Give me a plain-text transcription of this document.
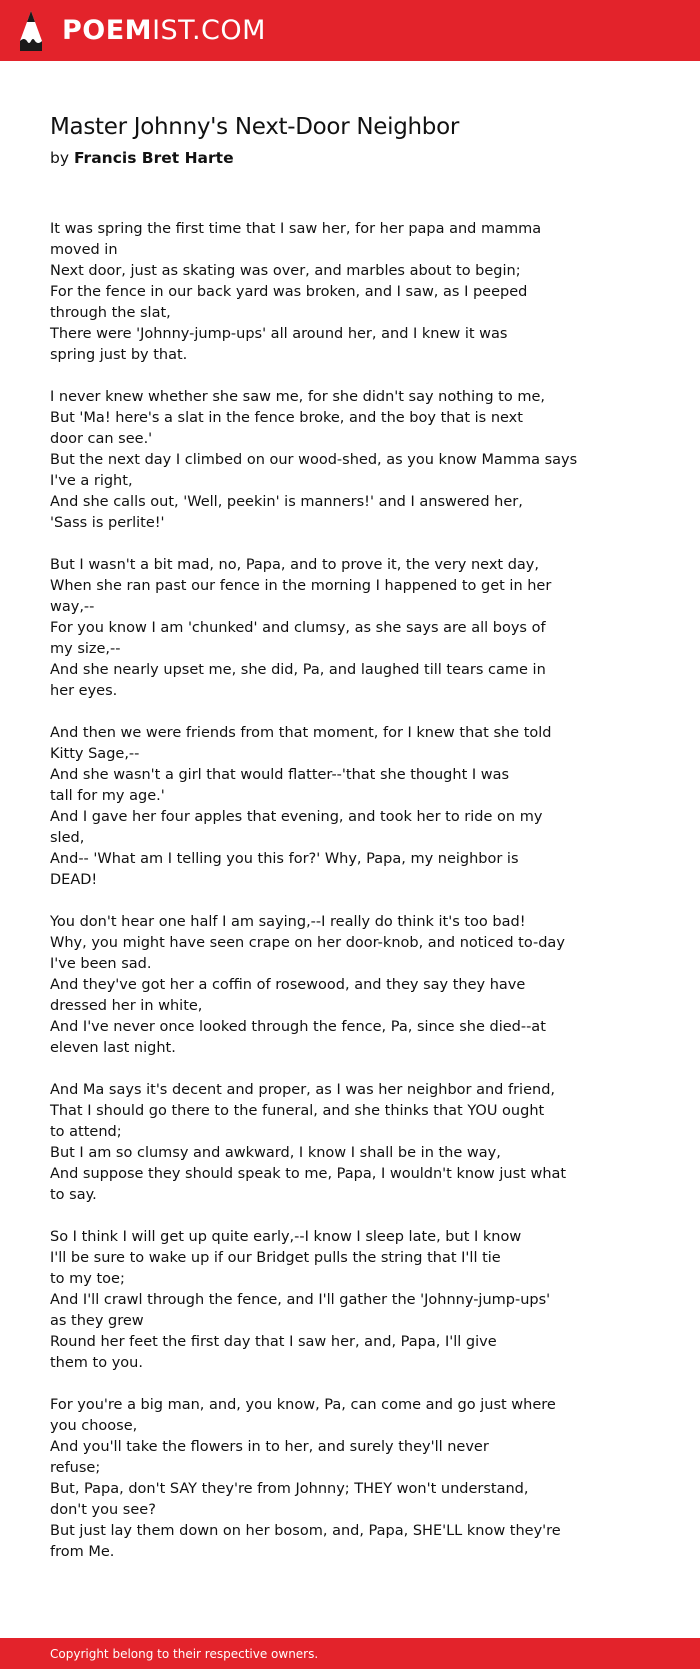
POEMIST.COM
Master Johnny's Next-Door Neighbor
by Francis Bret Harte
It was spring the first time that I saw her, for her papa and mamma
moved in
Next door, just as skating was over, and marbles about to begin;
For the fence in our back yard was broken, and I saw, as I peeped
through the slat,
There were 'Johnny-jump-ups' all around her, and I knew it was
spring just by that.
I never knew whether she saw me, for she didn't say nothing to me,
But 'Ma! here's a slat in the fence broke, and the boy that is next
door can see.'
But the next day I climbed on our wood-shed, as you know Mamma says
I've a right,
And she calls out, 'Well, peekin' is manners!' and I answered her,
'Sass is perlite!'
But I wasn't a bit mad, no, Papa, and to prove it, the very next day,
When she ran past our fence in the morning I happened to get in her
way,--
For you know I am 'chunked' and clumsy, as she says are all boys of
my size,--
And she nearly upset me, she did, Pa, and laughed till tears came in
her eyes.
And then we were friends from that moment, for I knew that she told
Kitty Sage,--
And she wasn't a girl that would flatter--'that she thought I was
tall for my age.'
And I gave her four apples that evening, and took her to ride on my
sled,
And-- 'What am I telling you this for?' Why, Papa, my neighbor is
DEAD!
You don't hear one half I am saying,--I really do think it's too bad!
Why, you might have seen crape on her door-knob, and noticed to-day
I've been sad.
And they've got her a coffin of rosewood, and they say they have
dressed her in white,
And I've never once looked through the fence, Pa, since she died--at
eleven last night.
And Ma says it's decent and proper, as I was her neighbor and friend,
That I should go there to the funeral, and she thinks that YOU ought
to attend;
But I am so clumsy and awkward, I know I shall be in the way,
And suppose they should speak to me, Papa, I wouldn't know just what
to say.
So I think I will get up quite early,--I know I sleep late, but I know
I'll be sure to wake up if our Bridget pulls the string that I'll tie
to my toe;
And I'll crawl through the fence, and I'll gather the 'Johnny-jump-ups'
as they grew
Round her feet the first day that I saw her, and, Papa, I'll give
them to you.
For you're a big man, and, you know, Pa, can come and go just where
you choose,
And you'll take the flowers in to her, and surely they'll never
refuse;
But, Papa, don't SAY they're from Johnny; THEY won't understand,
don't you see?
But just lay them down on her bosom, and, Papa, SHE'LL know they're
from Me.
Copyright belong to their respective owners.
